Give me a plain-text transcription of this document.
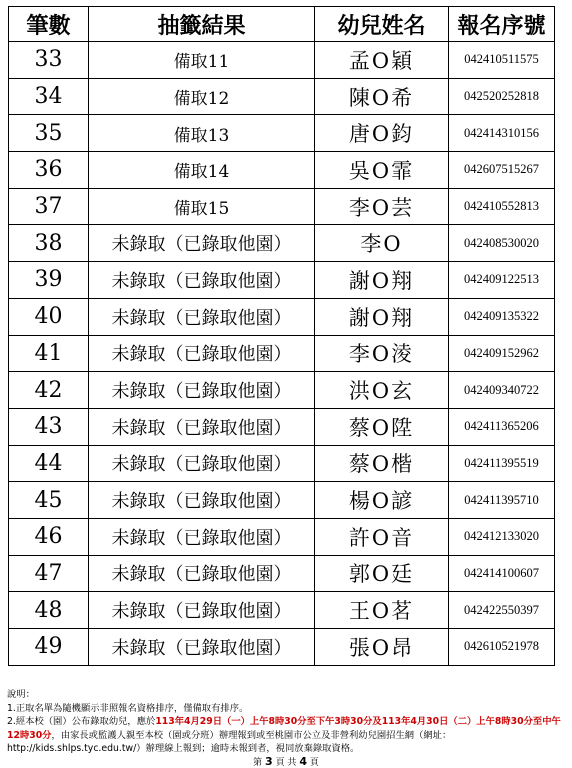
筆數	抽籤結果	幼兒姓名	報名序號
33	備取11	孟O穎	042410511575
34	備取12	陳O希	042520252818
35	備取13	唐O鈞	042414310156
36	備取14	吳O霏	042607515267
37	備取15	李O芸	042410552813
38	未錄取（已錄取他園）	李O	042408530020
39	未錄取（已錄取他園）	謝O翔	042409122513
40	未錄取（已錄取他園）	謝O翔	042409135322
41	未錄取（已錄取他園）	李O淩	042409152962
42	未錄取（已錄取他園）	洪O玄	042409340722
43	未錄取（已錄取他園）	蔡O陞	042411365206
44	未錄取（已錄取他園）	蔡O楷	042411395519
45	未錄取（已錄取他園）	楊O諺	042411395710
46	未錄取（已錄取他園）	許O音	042412133020
47	未錄取（已錄取他園）	郭O廷	042414100607
48	未錄取（已錄取他園）	王O茗	042422550397
49	未錄取（已錄取他園）	張O昂	042610521978
說明：
1.正取名單為隨機顯示非照報名資格排序，僅備取有排序。
2.經本校（園）公布錄取幼兒，應於113年4月29日（一）上午8時30分至下午3時30分及113年4月30日（二）上午8時30分至中午12時30分，由家長或監護人親至本校（園或分班）辦理報到或至桃園市公立及非營利幼兒園招生網（網址：http://kids.shlps.tyc.edu.tw/）辦理線上報到；逾時未報到者，視同放棄錄取資格。
第 3 頁 共 4 頁
